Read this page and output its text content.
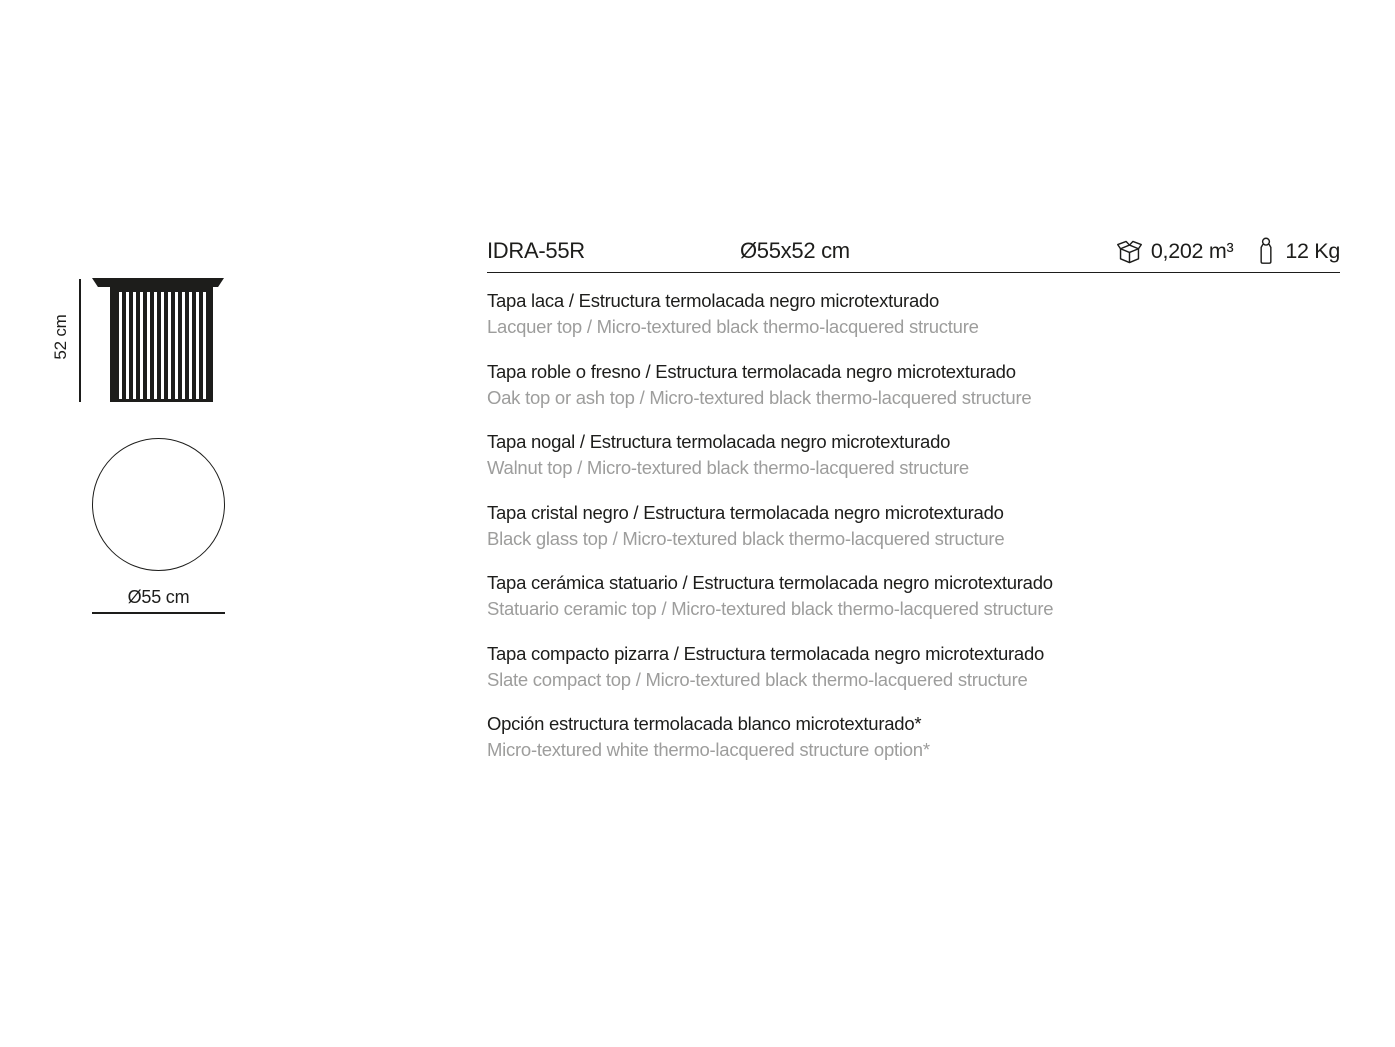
52 cm
Ø55 cm
IDRA-55R	Ø55x52 cm	0,202 m³ 12 Kg
Tapa laca / Estructura termolacada negro microtexturado
Lacquer top / Micro-textured black thermo-lacquered structure
Tapa roble o fresno / Estructura termolacada negro microtexturado
Oak top or ash top / Micro-textured black thermo-lacquered structure
Tapa nogal / Estructura termolacada negro microtexturado
Walnut top / Micro-textured black thermo-lacquered structure
Tapa cristal negro / Estructura termolacada negro microtexturado
Black glass top / Micro-textured black thermo-lacquered structure
Tapa cerámica statuario / Estructura termolacada negro microtexturado
Statuario ceramic top / Micro-textured black thermo-lacquered structure
Tapa compacto pizarra / Estructura termolacada negro microtexturado
Slate compact top / Micro-textured black thermo-lacquered structure
Opción estructura termolacada blanco microtexturado*
Micro-textured white thermo-lacquered structure option*
